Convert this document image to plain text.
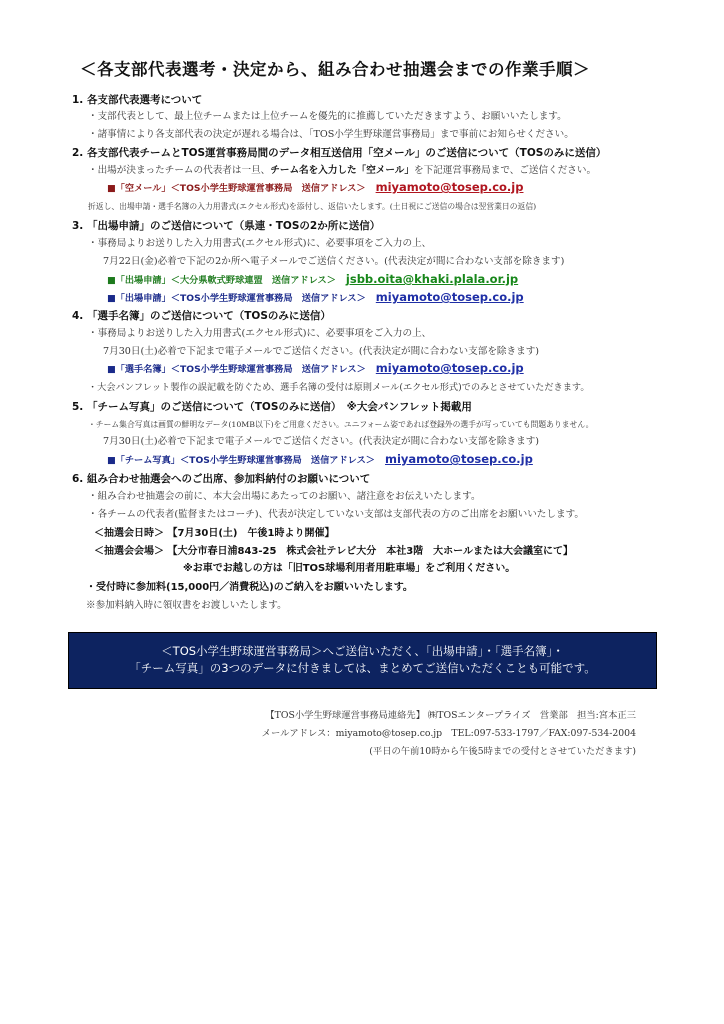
＜各支部代表選考・決定から、組み合わせ抽選会までの作業手順＞
1. 各支部代表選考について
・支部代表として、最上位チームまたは上位チームを優先的に推薦していただきますよう、お願いいたします。
・諸事情により各支部代表の決定が遅れる場合は、「TOS小学生野球運営事務局」まで事前にお知らせください。
2. 各支部代表チームとTOS運営事務局間のデータ相互送信用「空メール」のご送信について（TOSのみに送信）
・出場が決まったチームの代表者は一旦、チーム名を入力した「空メール」を下記運営事務局まで、ご送信ください。
■「空メール」＜TOS小学生野球運営事務局　送信アドレス＞ miyamoto@tosep.co.jp
折返し、出場申請・選手名簿の入力用書式(エクセル形式)を添付し、返信いたします。(土日祝にご送信の場合は翌営業日の返信)
3. 「出場申請」のご送信について（県連・TOSの2か所に送信）
・事務局よりお送りした入力用書式(エクセル形式)に、必要事項をご入力の上、
7月22日(金)必着で下記の2か所へ電子メールでご送信ください。(代表決定が間に合わない支部を除きます)
■「出場申請」＜大分県軟式野球連盟　送信アドレス＞ jsbb.oita@khaki.plala.or.jp
■「出場申請」＜TOS小学生野球運営事務局　送信アドレス＞ miyamoto@tosep.co.jp
4. 「選手名簿」のご送信について（TOSのみに送信）
・事務局よりお送りした入力用書式(エクセル形式)に、必要事項をご入力の上、
7月30日(土)必着で下記まで電子メールでご送信ください。(代表決定が間に合わない支部を除きます)
■「選手名簿」＜TOS小学生野球運営事務局　送信アドレス＞ miyamoto@tosep.co.jp
・大会パンフレット製作の誤記載を防ぐため、選手名簿の受付は原則メール(エクセル形式)でのみとさせていただきます。
5. 「チーム写真」のご送信について（TOSのみに送信）　※大会パンフレット掲載用
・チーム集合写真は画質の鮮明なデータ(10MB以下)をご用意ください。ユニフォーム姿であれば登録外の選手が写っていても問題ありません。
7月30日(土)必着で下記まで電子メールでご送信ください。(代表決定が間に合わない支部を除きます)
■「チーム写真」＜TOS小学生野球運営事務局　送信アドレス＞ miyamoto@tosep.co.jp
6. 組み合わせ抽選会へのご出席、参加料納付のお願いについて
・組み合わせ抽選会の前に、本大会出場にあたってのお願い、諸注意をお伝えいたします。
・各チームの代表者(監督またはコーチ)、代表が決定していない支部は支部代表の方のご出席をお願いいたします。
＜抽選会日時＞ 【7月30日(土)　午後1時より開催】
＜抽選会会場＞ 【大分市春日浦843-25　株式会社テレビ大分　本社3階　大ホールまたは大会議室にて】
※お車でお越しの方は「旧TOS球場利用者用駐車場」をご利用ください。
・受付時に参加料(15,000円／消費税込)のご納入をお願いいたします。
※参加料納入時に領収書をお渡しいたします。
＜TOS小学生野球運営事務局＞へご送信いただく、「出場申請」・「選手名簿」・
「チーム写真」の3つのデータに付きましては、まとめてご送信いただくことも可能です。
【TOS小学生野球運営事務局連絡先】 ㈱TOSエンタープライズ　営業部　担当:宮本正三
メールアドレス：miyamoto@tosep.co.jp　TEL:097-533-1797／FAX:097-534-2004
(平日の午前10時から午後5時までの受付とさせていただきます)
